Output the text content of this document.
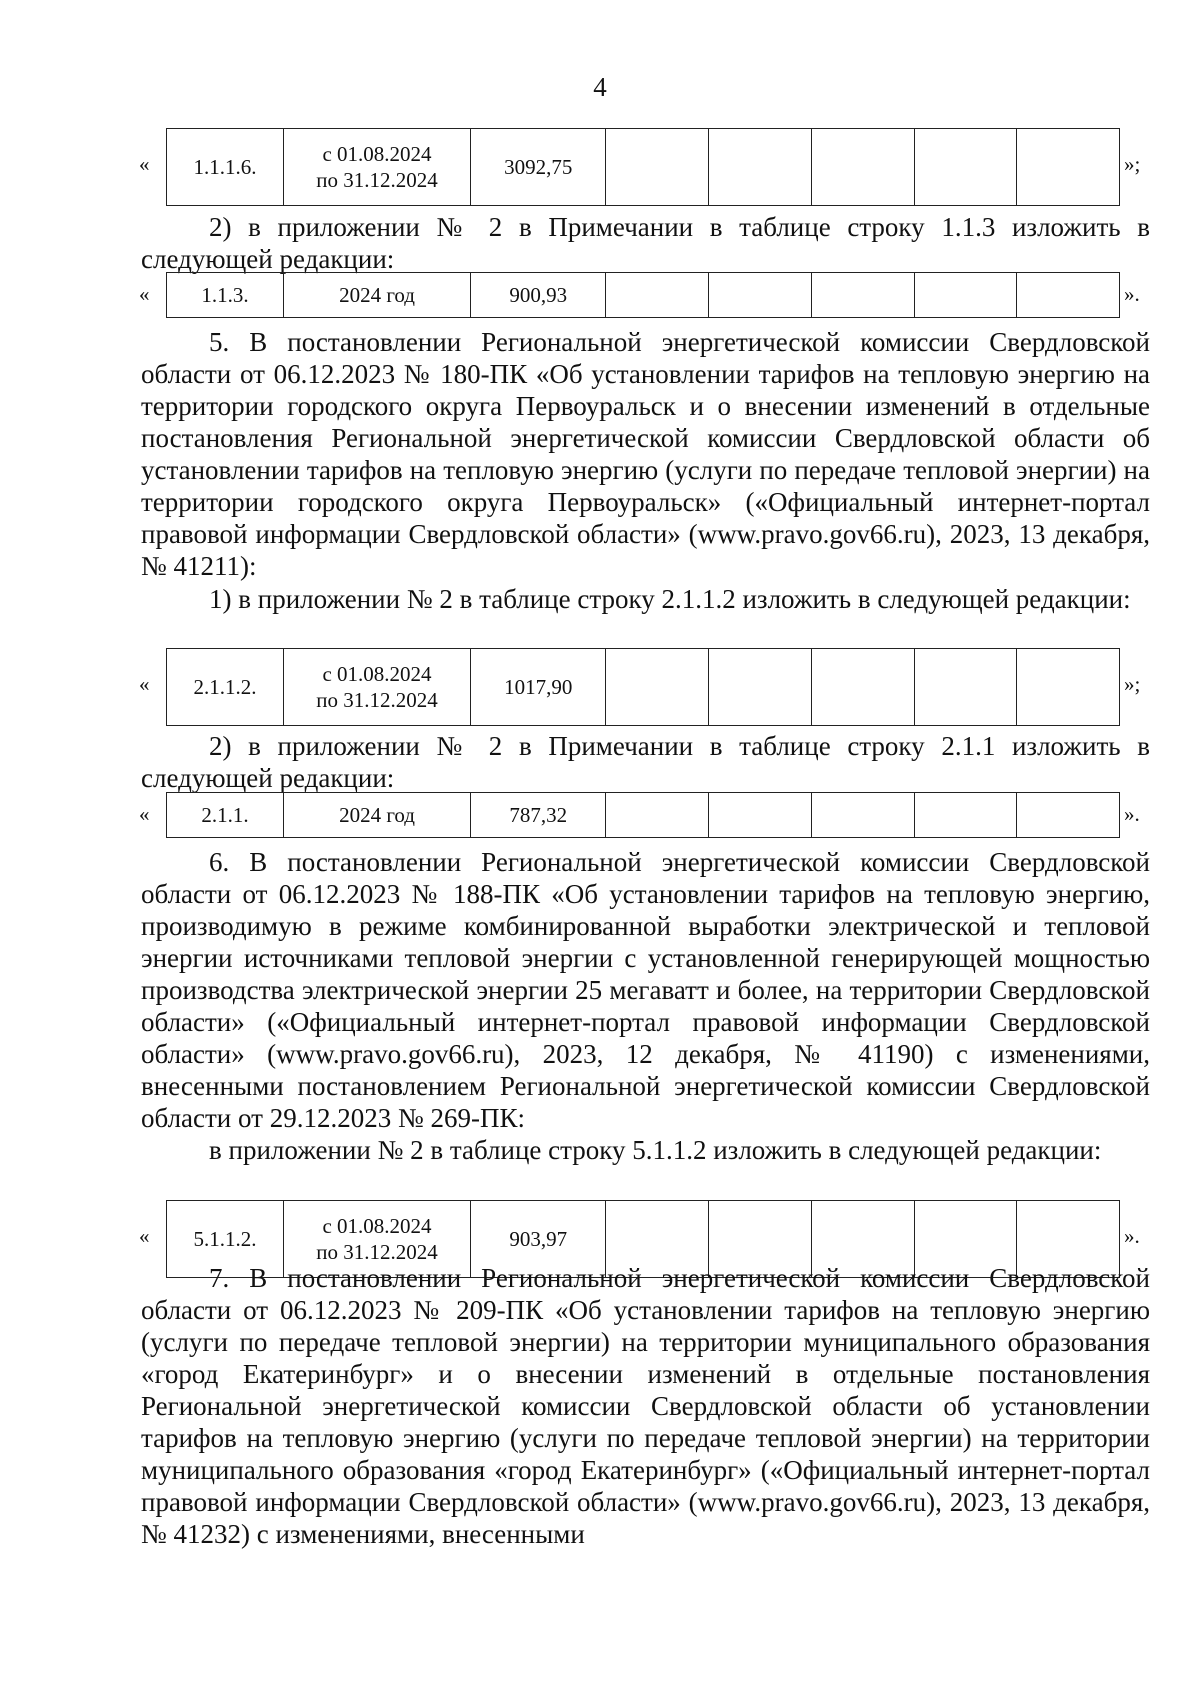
4
«	1.1.1.6.	
с 01.08.2024
по 31.12.2024
	3092,75						»;
2) в приложении № 2 в Примечании в таблице строку 1.1.3 изложить в следующей редакции:
«	1.1.3.	2024 год	900,93						».
5. В постановлении Региональной энергетической комиссии Свердловской области от 06.12.2023 № 180-ПК «Об установлении тарифов на тепловую энергию на территории городского округа Первоуральск и о внесении изменений в отдельные постановления Региональной энергетической комиссии Свердловской области об установлении тарифов на тепловую энергию (услуги по передаче тепловой энергии) на территории городского округа Первоуральск» («Официальный интернет-портал правовой информации Свердловской области» (www.pravo.gov66.ru), 2023, 13 декабря, № 41211):
1) в приложении № 2 в таблице строку 2.1.1.2 изложить в следующей редакции:
«	2.1.1.2.	
с 01.08.2024
по 31.12.2024
	1017,90						»;
2) в приложении № 2 в Примечании в таблице строку 2.1.1 изложить в следующей редакции:
«	2.1.1.	2024 год	787,32						».
6. В постановлении Региональной энергетической комиссии Свердловской области от 06.12.2023 № 188-ПК «Об установлении тарифов на тепловую энергию, производимую в режиме комбинированной выработки электрической и тепловой энергии источниками тепловой энергии с установленной генерирующей мощностью производства электрической энергии 25 мегаватт и более, на территории Свердловской области» («Официальный интернет-портал правовой информации Свердловской области» (www.pravo.gov66.ru), 2023, 12 декабря, № 41190) с изменениями, внесенными постановлением Региональной энергетической комиссии Свердловской области от 29.12.2023 № 269-ПК:
в приложении № 2 в таблице строку 5.1.1.2 изложить в следующей редакции:
«	5.1.1.2.	
с 01.08.2024
по 31.12.2024
	903,97						».
7. В постановлении Региональной энергетической комиссии Свердловской области от 06.12.2023 № 209-ПК «Об установлении тарифов на тепловую энергию (услуги по передаче тепловой энергии) на территории муниципального образования «город Екатеринбург» и о внесении изменений в отдельные постановления Региональной энергетической комиссии Свердловской области об установлении тарифов на тепловую энергию (услуги по передаче тепловой энергии) на территории муниципального образования «город Екатеринбург» («Официальный интернет-портал правовой информации Свердловской области» (www.pravo.gov66.ru), 2023, 13 декабря, № 41232) с изменениями, внесенными
